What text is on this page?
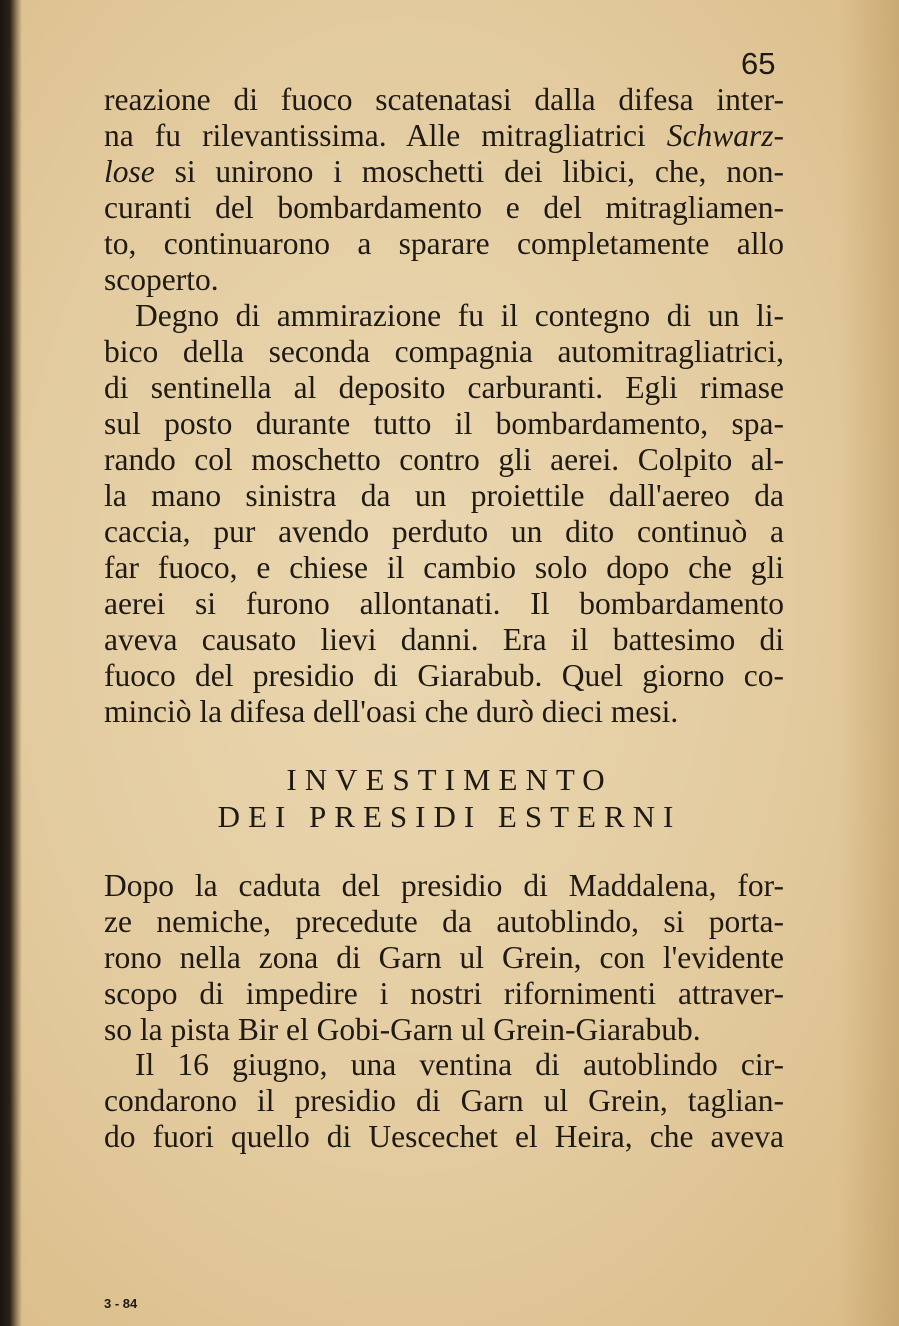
65
reazione di fuoco scatenatasi dalla difesa inter-
na fu rilevantissima. Alle mitragliatrici Schwarz-
lose si unirono i moschetti dei libici, che, non-
curanti del bombardamento e del mitragliamen-
to, continuarono a sparare completamente allo
scoperto.
Degno di ammirazione fu il contegno di un li-
bico della seconda compagnia automitragliatrici,
di sentinella al deposito carburanti. Egli rimase
sul posto durante tutto il bombardamento, spa-
rando col moschetto contro gli aerei. Colpito al-
la mano sinistra da un proiettile dall'aereo da
caccia, pur avendo perduto un dito continuò a
far fuoco, e chiese il cambio solo dopo che gli
aerei si furono allontanati. Il bombardamento
aveva causato lievi danni. Era il battesimo di
fuoco del presidio di Giarabub. Quel giorno co-
minciò la difesa dell'oasi che durò dieci mesi.
INVESTIMENTO
DEI PRESIDI ESTERNI
Dopo la caduta del presidio di Maddalena, for-
ze nemiche, precedute da autoblindo, si porta-
rono nella zona di Garn ul Grein, con l'evidente
scopo di impedire i nostri rifornimenti attraver-
so la pista Bir el Gobi-Garn ul Grein-Giarabub.
Il 16 giugno, una ventina di autoblindo cir-
condarono il presidio di Garn ul Grein, taglian-
do fuori quello di Uescechet el Heira, che aveva
3 - 84
